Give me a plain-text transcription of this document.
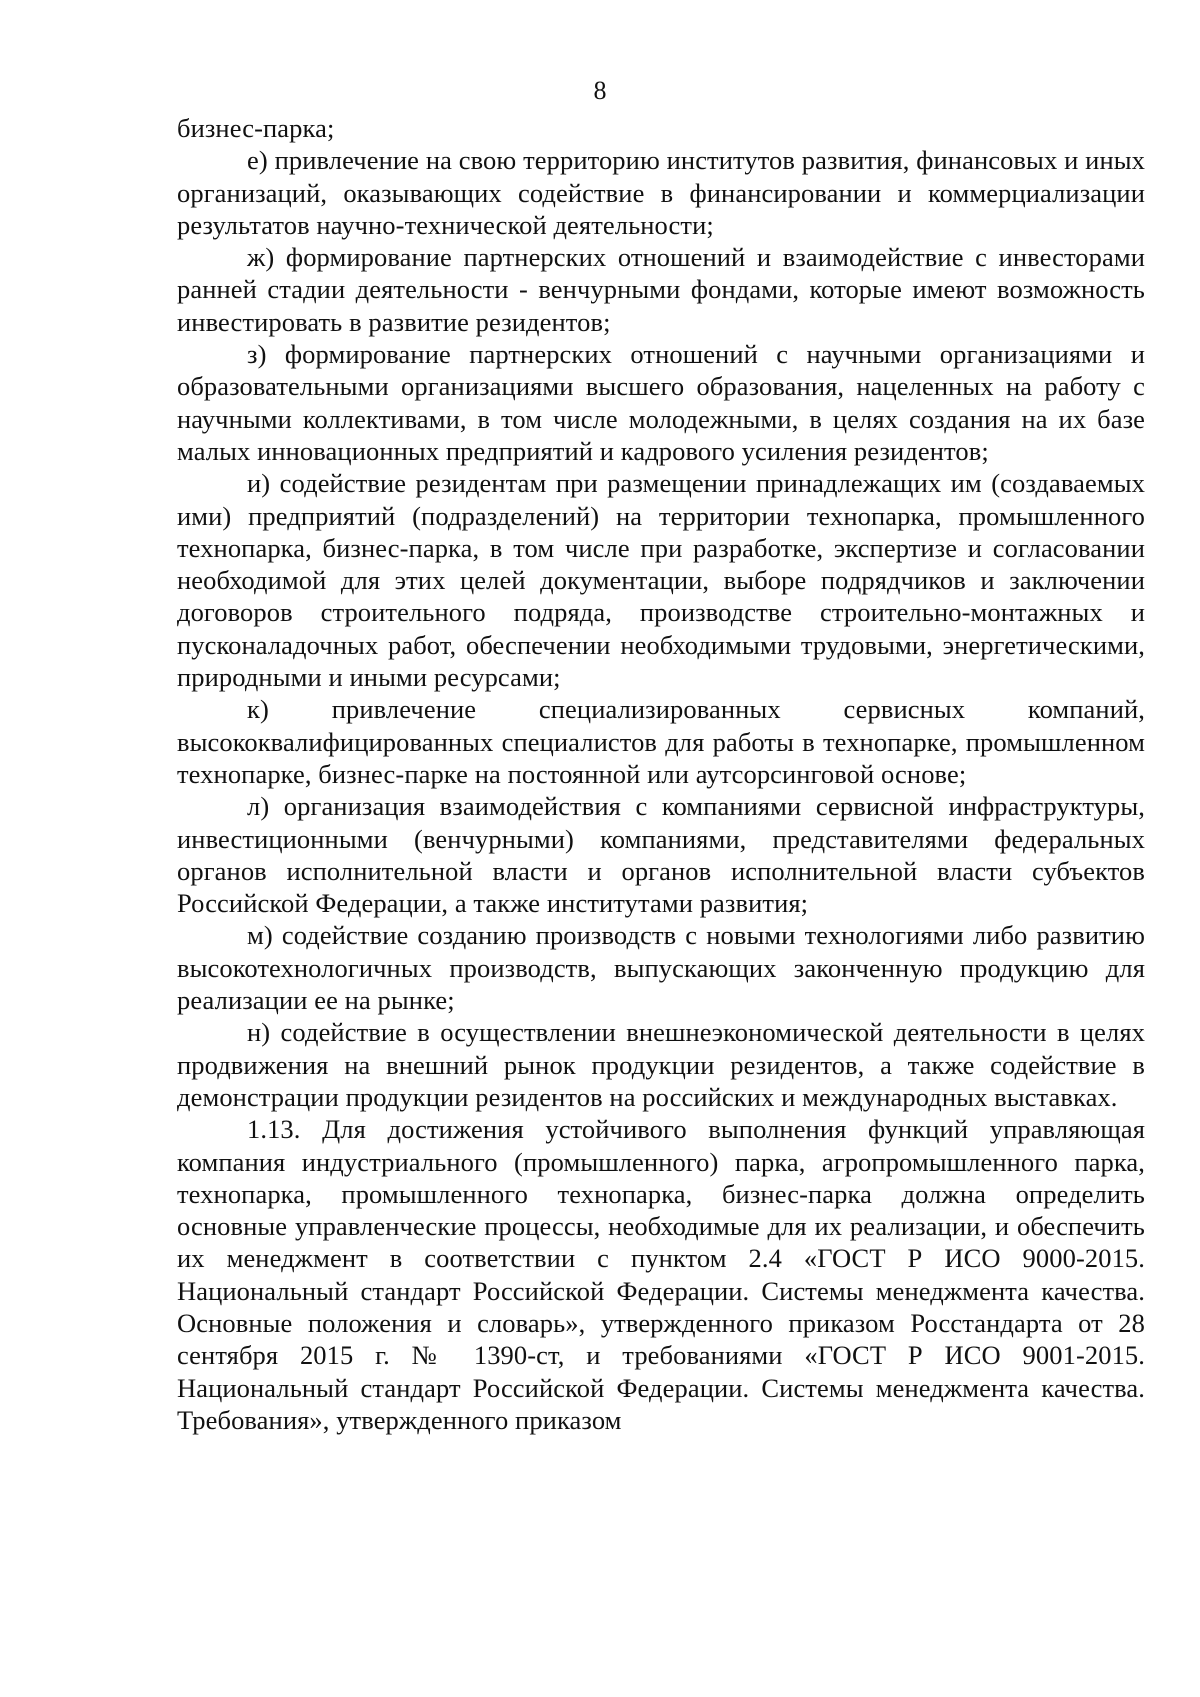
8

бизнес-парка;

е) привлечение на свою территорию институтов развития, финансовых и иных организаций, оказывающих содействие в финансировании и коммерциализации результатов научно-технической деятельности;

ж) формирование партнерских отношений и взаимодействие с инвесторами ранней стадии деятельности - венчурными фондами, которые имеют возможность инвестировать в развитие резидентов;

з) формирование партнерских отношений с научными организациями и образовательными организациями высшего образования, нацеленных на работу с научными коллективами, в том числе молодежными, в целях создания на их базе малых инновационных предприятий и кадрового усиления резидентов;

и) содействие резидентам при размещении принадлежащих им (создаваемых ими) предприятий (подразделений) на территории технопарка, промышленного технопарка, бизнес-парка, в том числе при разработке, экспертизе и согласовании необходимой для этих целей документации, выборе подрядчиков и заключении договоров строительного подряда, производстве строительно-монтажных и пусконаладочных работ, обеспечении необходимыми трудовыми, энергетическими, природными и иными ресурсами;

к) привлечение специализированных сервисных компаний, высококвалифицированных специалистов для работы в технопарке, промышленном технопарке, бизнес-парке на постоянной или аутсорсинговой основе;

л) организация взаимодействия с компаниями сервисной инфраструктуры, инвестиционными (венчурными) компаниями, представителями федеральных органов исполнительной власти и органов исполнительной власти субъектов Российской Федерации, а также институтами развития;

м) содействие созданию производств с новыми технологиями либо развитию высокотехнологичных производств, выпускающих законченную продукцию для реализации ее на рынке;

н) содействие в осуществлении внешнеэкономической деятельности в целях продвижения на внешний рынок продукции резидентов, а также содействие в демонстрации продукции резидентов на российских и международных выставках.

1.13. Для достижения устойчивого выполнения функций управляющая компания индустриального (промышленного) парка, агропромышленного парка, технопарка, промышленного технопарка, бизнес-парка должна определить основные управленческие процессы, необходимые для их реализации, и обеспечить их менеджмент в соответствии с пунктом 2.4 «ГОСТ Р ИСО 9000-2015. Национальный стандарт Российской Федерации. Системы менеджмента качества. Основные положения и словарь», утвержденного приказом Росстандарта от 28 сентября 2015 г. № 1390-ст, и требованиями «ГОСТ Р ИСО 9001-2015. Национальный стандарт Российской Федерации. Системы менеджмента качества. Требования», утвержденного приказом
